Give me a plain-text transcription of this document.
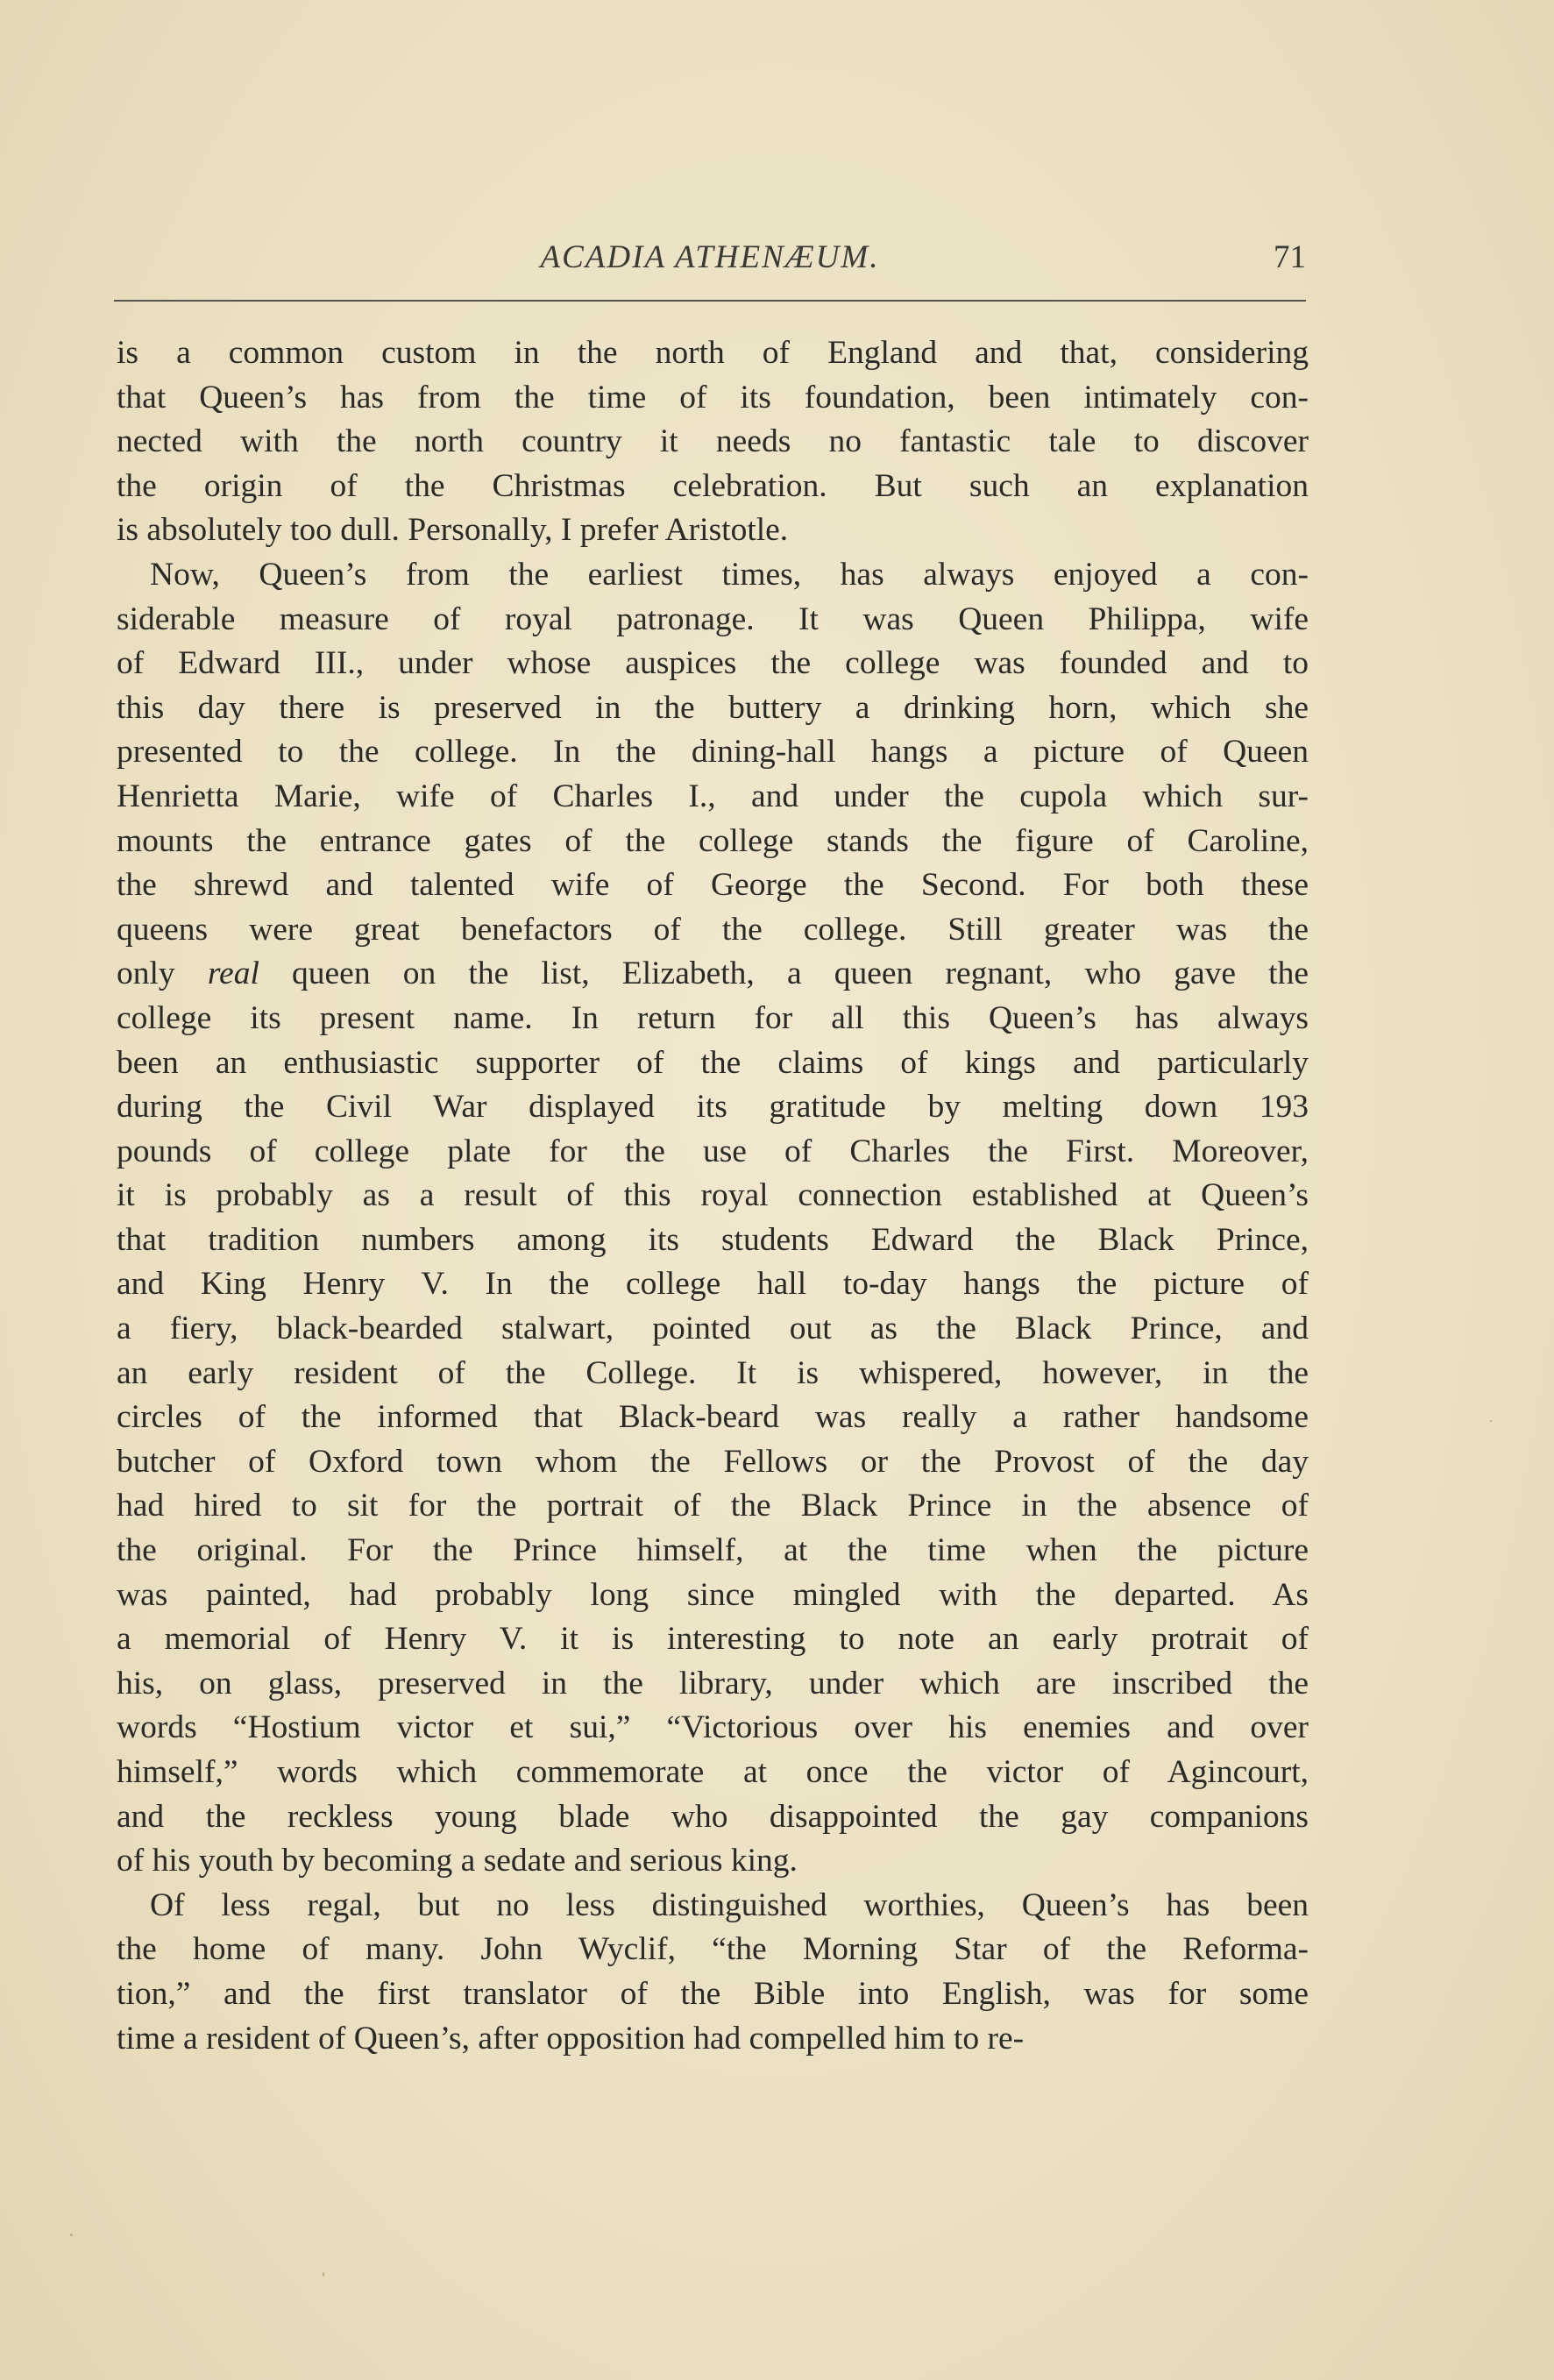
ACADIA ATHENÆUM.	71
is a common custom in the north of England and that, considering
that Queen’s has from the time of its foundation, been intimately con-
nected with the north country it needs no fantastic tale to discover
the origin of the Christmas celebration. But such an explanation
is absolutely too dull. Personally, I prefer Aristotle.
Now, Queen’s from the earliest times, has always enjoyed a con-
siderable measure of royal patronage. It was Queen Philippa, wife
of Edward III., under whose auspices the college was founded and to
this day there is preserved in the buttery a drinking horn, which she
presented to the college. In the dining-hall hangs a picture of Queen
Henrietta Marie, wife of Charles I., and under the cupola which sur-
mounts the entrance gates of the college stands the figure of Caroline,
the shrewd and talented wife of George the Second. For both these
queens were great benefactors of the college. Still greater was the
only real queen on the list, Elizabeth, a queen regnant, who gave the
college its present name. In return for all this Queen’s has always
been an enthusiastic supporter of the claims of kings and particularly
during the Civil War displayed its gratitude by melting down 193
pounds of college plate for the use of Charles the First. Moreover,
it is probably as a result of this royal connection established at Queen’s
that tradition numbers among its students Edward the Black Prince,
and King Henry V. In the college hall to-day hangs the picture of
a fiery, black-bearded stalwart, pointed out as the Black Prince, and
an early resident of the College. It is whispered, however, in the
circles of the informed that Black-beard was really a rather handsome
butcher of Oxford town whom the Fellows or the Provost of the day
had hired to sit for the portrait of the Black Prince in the absence of
the original. For the Prince himself, at the time when the picture
was painted, had probably long since mingled with the departed. As
a memorial of Henry V. it is interesting to note an early protrait of
his, on glass, preserved in the library, under which are inscribed the
words “Hostium victor et sui,” “Victorious over his enemies and over
himself,” words which commemorate at once the victor of Agincourt,
and the reckless young blade who disappointed the gay companions
of his youth by becoming a sedate and serious king.
Of less regal, but no less distinguished worthies, Queen’s has been
the home of many. John Wyclif, “the Morning Star of the Reforma-
tion,” and the first translator of the Bible into English, was for some
time a resident of Queen’s, after opposition had compelled him to re-
